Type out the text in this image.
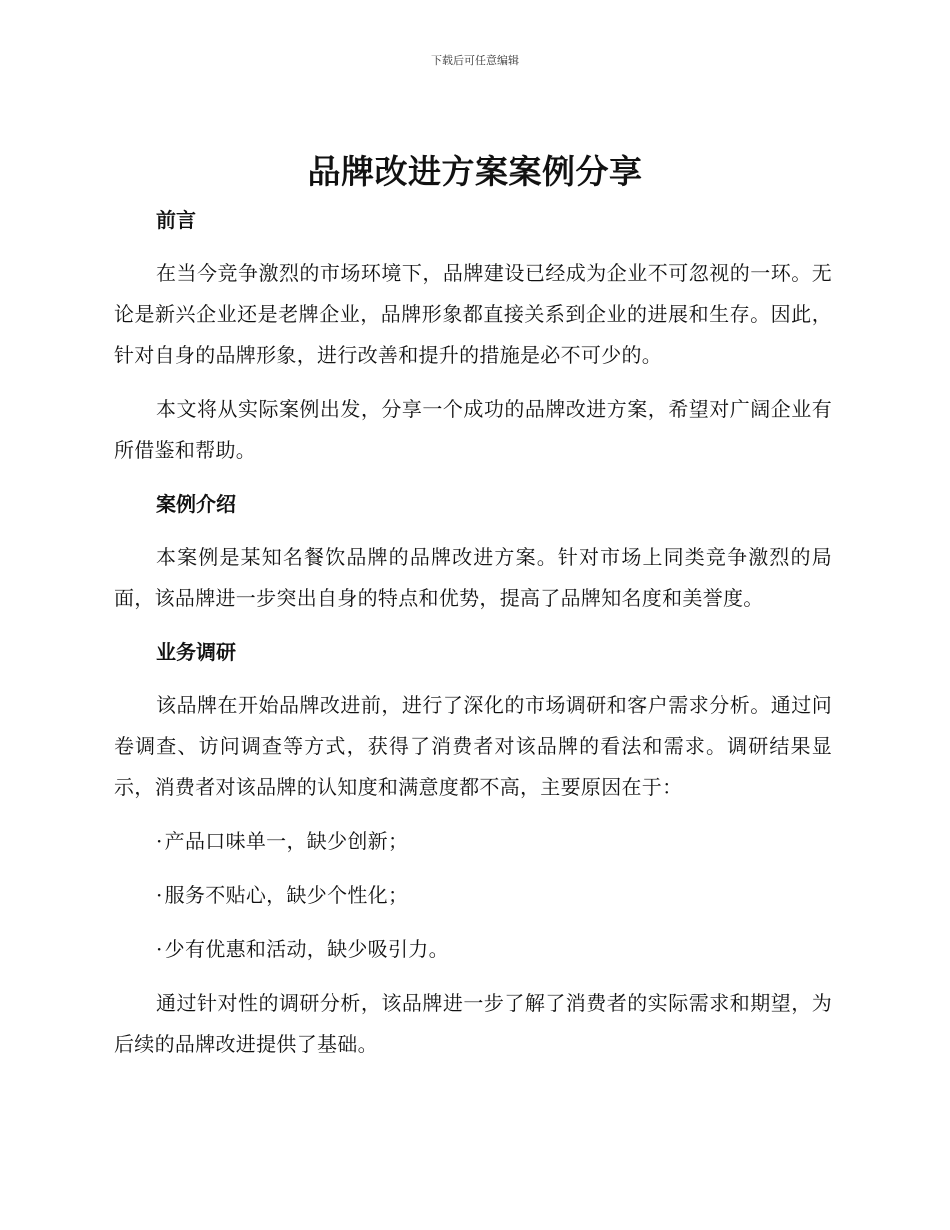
下载后可任意编辑
品牌改进方案案例分享

前言

在当今竞争激烈的市场环境下，品牌建设已经成为企业不可忽视的一环。无论是新兴企业还是老牌企业，品牌形象都直接关系到企业的进展和生存。因此，针对自身的品牌形象，进行改善和提升的措施是必不可少的。

本文将从实际案例出发，分享一个成功的品牌改进方案，希望对广阔企业有所借鉴和帮助。

案例介绍

本案例是某知名餐饮品牌的品牌改进方案。针对市场上同类竞争激烈的局面，该品牌进一步突出自身的特点和优势，提高了品牌知名度和美誉度。

业务调研

该品牌在开始品牌改进前，进行了深化的市场调研和客户需求分析。通过问卷调查、访问调查等方式，获得了消费者对该品牌的看法和需求。调研结果显示，消费者对该品牌的认知度和满意度都不高，主要原因在于：

· 产品口味单一，缺少创新；

· 服务不贴心，缺少个性化；

· 少有优惠和活动，缺少吸引力。

通过针对性的调研分析，该品牌进一步了解了消费者的实际需求和期望，为后续的品牌改进提供了基础。
